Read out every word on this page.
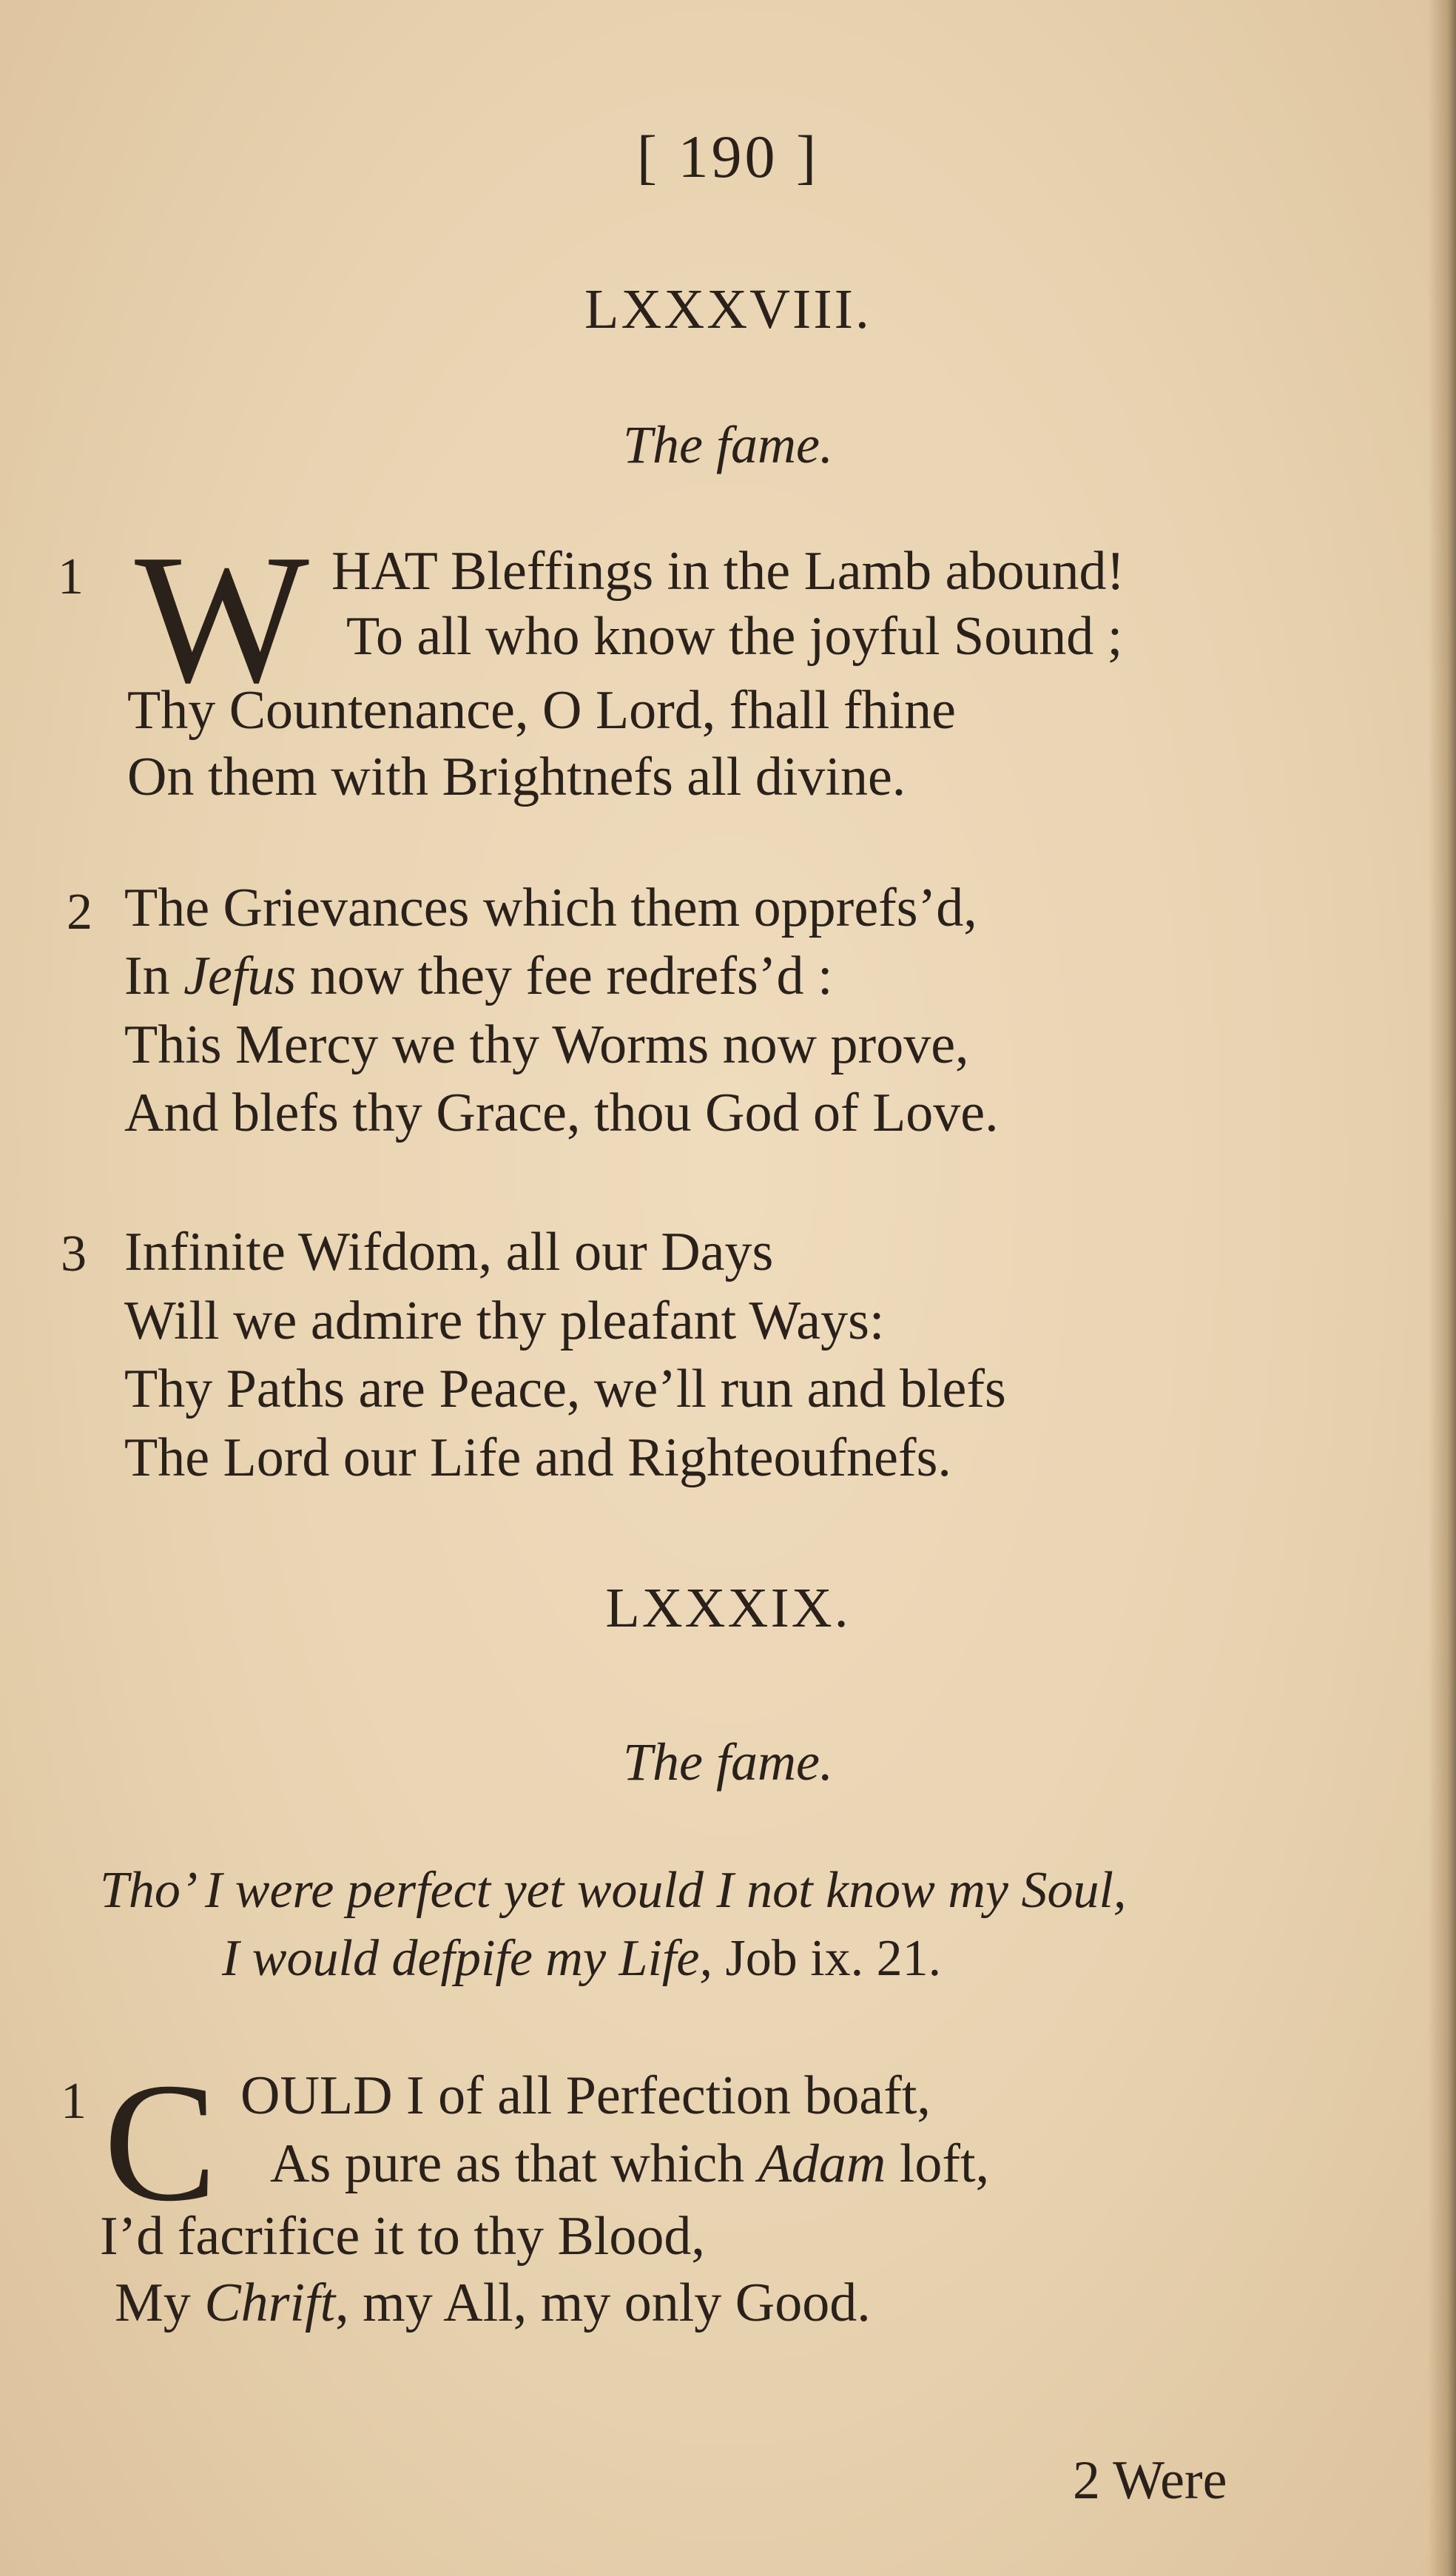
[ 190 ]
LXXXVIII.
The fame.
1 W HAT Bleffings in the Lamb abound!
To all who know the joyful Sound ;
Thy Countenance, O Lord, fhall fhine
On them with Brightnefs all divine.
2 The Grievances which them opprefs’d,
In Jefus now they fee redrefs’d :
This Mercy we thy Worms now prove,
And blefs thy Grace, thou God of Love.
3 Infinite Wifdom, all our Days
Will we admire thy pleafant Ways:
Thy Paths are Peace, we’ll run and blefs
The Lord our Life and Righteoufnefs.
LXXXIX.
The fame.
Tho’ I were perfect yet would I not know my Soul,
I would defpife my Life, Job ix. 21.
1 C OULD I of all Perfection boaft,
As pure as that which Adam loft,
I’d facrifice it to thy Blood,
My Chrift, my All, my only Good.
2 Were
